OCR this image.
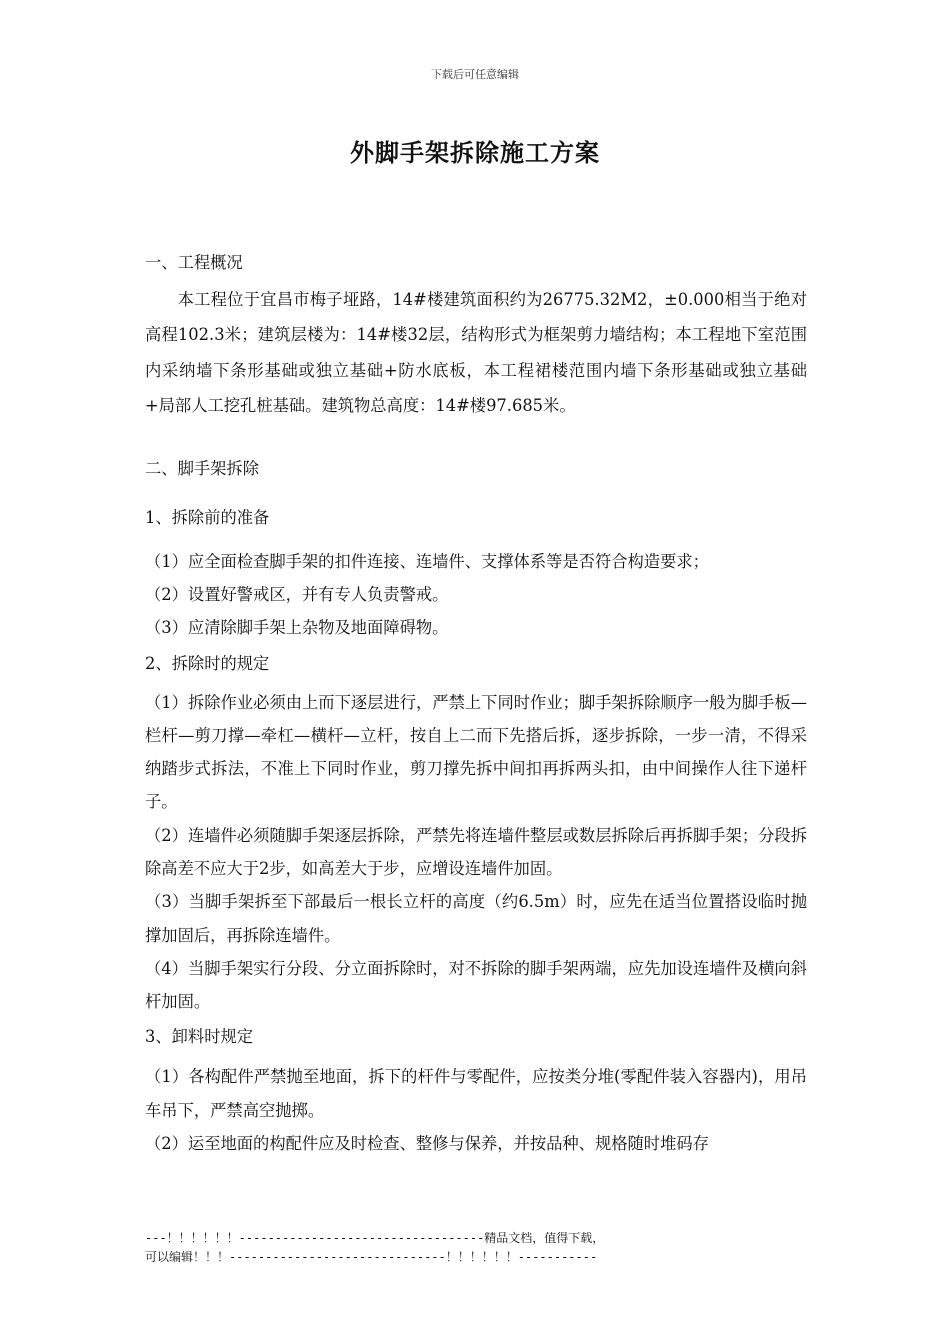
下载后可任意编辑
外脚手架拆除施工方案

一、工程概况

本工程位于宜昌市梅子垭路，14#楼建筑面积约为26775.32M2，±0.000相当于绝对高程102.3米；建筑层楼为：14#楼32层，结构形式为框架剪力墙结构；本工程地下室范围内采纳墙下条形基础或独立基础+防水底板，本工程裙楼范围内墙下条形基础或独立基础+局部人工挖孔桩基础。建筑物总高度：14#楼97.685米。

二、脚手架拆除

1、拆除前的准备

（1）应全面检查脚手架的扣件连接、连墙件、支撑体系等是否符合构造要求；

（2）设置好警戒区，并有专人负责警戒。

（3）应清除脚手架上杂物及地面障碍物。

2、拆除时的规定

（1）拆除作业必须由上而下逐层进行，严禁上下同时作业；脚手架拆除顺序一般为脚手板—栏杆—剪刀撑—牵杠—横杆—立杆，按自上二而下先搭后拆，逐步拆除，一步一清，不得采纳踏步式拆法，不准上下同时作业，剪刀撑先拆中间扣再拆两头扣，由中间操作人往下递杆子。

（2）连墙件必须随脚手架逐层拆除，严禁先将连墙件整层或数层拆除后再拆脚手架；分段拆除高差不应大于2步，如高差大于步，应增设连墙件加固。

（3）当脚手架拆至下部最后一根长立杆的高度（约6.5m）时，应先在适当位置搭设临时抛撑加固后，再拆除连墙件。

（4）当脚手架实行分段、分立面拆除时，对不拆除的脚手架两端，应先加设连墙件及横向斜杆加固。

3、卸料时规定

（1）各构配件严禁抛至地面，拆下的杆件与零配件，应按类分堆(零配件装入容器内)，用吊车吊下，严禁高空抛掷。

（2）运至地面的构配件应及时检查、整修与保养，并按品种、规格随时堆码存

---！！！！！！----------------------------------精品文档，值得下载，可以编辑！！！------------------------------！！！！！！-----------
